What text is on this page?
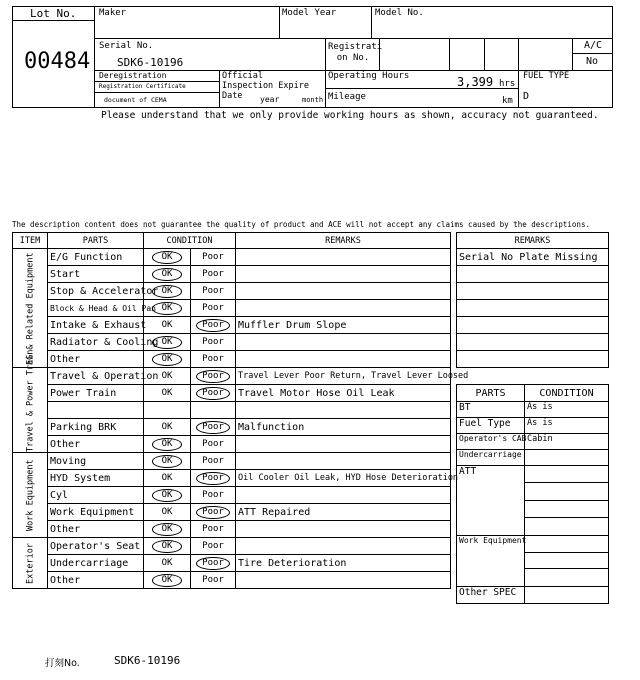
Lot No.
00484
Maker	Model Year	Model No.
Serial No.
SDK6-10196
Registrati on No.
A/C
No
Deregistration
Registration Certificate
document of CEMA
Official Inspection Expire Date	year	month
Operating Hours	3,399 hrs
Mileage	km
FUEL TYPE
D
Please understand that we only provide working hours as shown, accuracy not guaranteed.
The description content does not guarantee the quality of product and ACE will not accept any claims caused by the descriptions.
ITEM	PARTS	CONDITION		REMARKS
EG & Related Equipment	E/G Function	OK	Poor	
	Start	OK	Poor	
	Stop & Accelerator	OK	Poor	
	Block & Head & Oil Pan	OK	Poor	
	Intake & Exhaust	OK	Poor	Muffler Drum Slope
	Radiator & Cooling	OK	Poor	
	Other	OK	Poor	
Travel & Power Train	Travel & Operation	OK	Poor	Travel Lever Poor Return, Travel Lever Loosed
	Power Train	OK	Poor	Travel Motor Hose Oil Leak

	Parking BRK	OK	Poor	Malfunction
	Other	OK	Poor	
Work Equipment	Moving	OK	Poor	
	HYD System	OK	Poor	Oil Cooler Oil Leak, HYD Hose Deterioration
	Cyl	OK	Poor	
	Work Equipment	OK	Poor	ATT Repaired
	Other	OK	Poor	
Exterior	Operator's Seat	OK	Poor	
	Undercarriage	OK	Poor	Tire Deterioration
	Other	OK	Poor	
REMARKS
Serial No Plate Missing

PARTS	CONDITION
BT	As is
Fuel Type	As is
Operator's CAB	Cabin
Undercarriage	
ATT	

Work Equipment	

Other SPEC	
打刻No.	SDK6-10196
